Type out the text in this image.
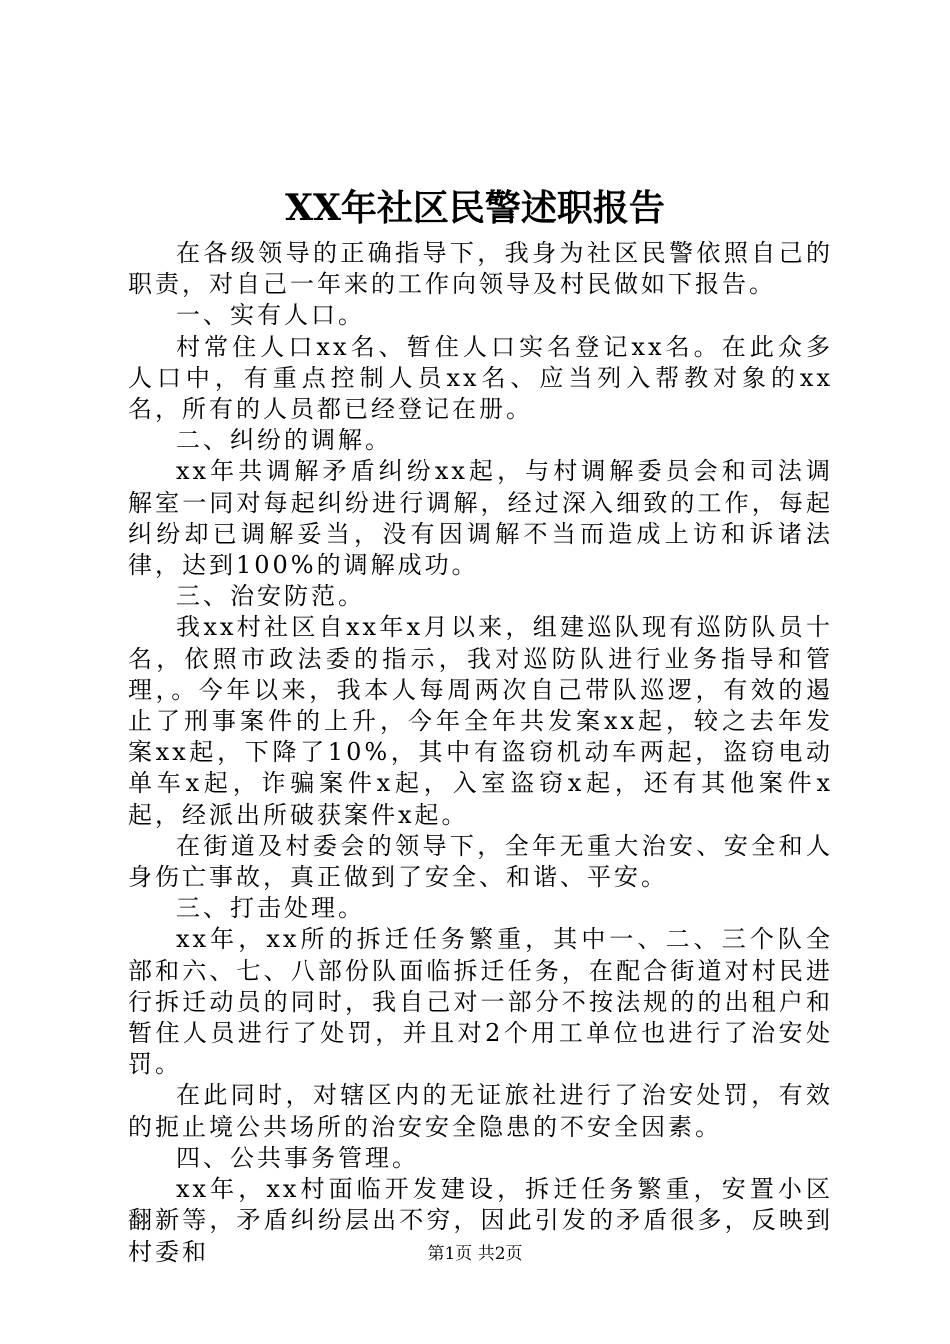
XX年社区民警述职报告

在各级领导的正确指导下，我身为社区民警依照自己的职责，对自己一年来的工作向领导及村民做如下报告。

一、实有人口。

村常住人口xx名、暂住人口实名登记xx名。在此众多人口中，有重点控制人员xx名、应当列入帮教对象的xx名，所有的人员都已经登记在册。

二、纠纷的调解。

xx年共调解矛盾纠纷xx起，与村调解委员会和司法调解室一同对每起纠纷进行调解，经过深入细致的工作，每起纠纷却已调解妥当，没有因调解不当而造成上访和诉诸法律，达到100%的调解成功。

三、治安防范。

我xx村社区自xx年x月以来，组建巡队现有巡防队员十名，依照市政法委的指示，我对巡防队进行业务指导和管理，。今年以来，我本人每周两次自己带队巡逻，有效的遏止了刑事案件的上升，今年全年共发案xx起，较之去年发案xx起，下降了10%，其中有盗窃机动车两起，盗窃电动单车x起，诈骗案件x起，入室盗窃x起，还有其他案件x起，经派出所破获案件x起。

在街道及村委会的领导下，全年无重大治安、安全和人身伤亡事故，真正做到了安全、和谐、平安。

三、打击处理。

xx年，xx所的拆迁任务繁重，其中一、二、三个队全部和六、七、八部份队面临拆迁任务，在配合街道对村民进行拆迁动员的同时，我自己对一部分不按法规的的出租户和暂住人员进行了处罚，并且对2个用工单位也进行了治安处罚。

在此同时，对辖区内的无证旅社进行了治安处罚，有效的扼止境公共场所的治安安全隐患的不安全因素。

四、公共事务管理。

xx年，xx村面临开发建设，拆迁任务繁重，安置小区翻新等，矛盾纠纷层出不穷，因此引发的矛盾很多，反映到村委和	第1页 共2页
